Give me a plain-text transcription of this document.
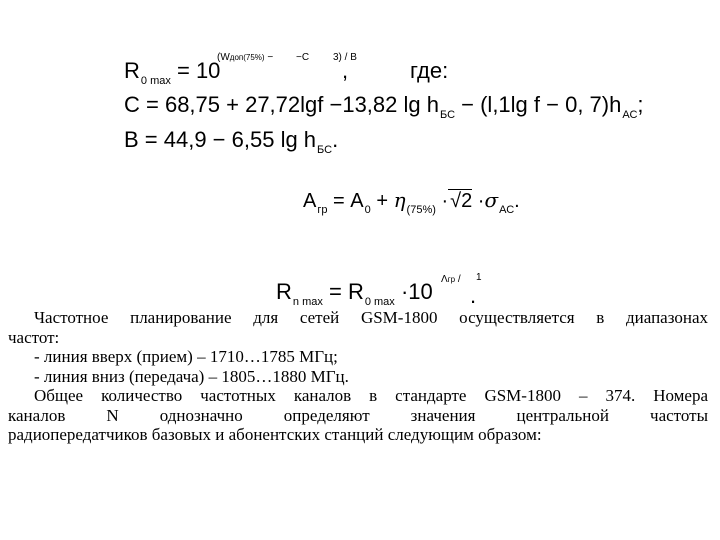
$R_{0 max} = 10$
(Wдоп(75%) − −C 3) / B
,	где:
C = 68,75 + 27,72lgf −13,82 $\lg h_{БС} - (l,1\lg$ f − 0, $7)h_{АС}$;
B = 44,9 − 6,55 $\lg h_{БС}$.
$A_{гр} = A_0 + \eta_{(75\%)} \cdot √2 \cdot\sigma_{АС}$.
$R_{n max} = R_{0 max} \cdot 10$ Λгр / 1
.

Частотное планирование для сетей GSM-1800 осуществляется в диапазонах

частот:

- линия вверх (прием) – 1710…1785 МГц;

- линия вниз (передача) – 1805…1880 МГц.

Общее количество частотных каналов в стандарте GSM-1800 – 374. Номера

каналов N однозначно определяют значения центральной частоты

радиопередатчиков базовых и абонентских станций следующим образом:
